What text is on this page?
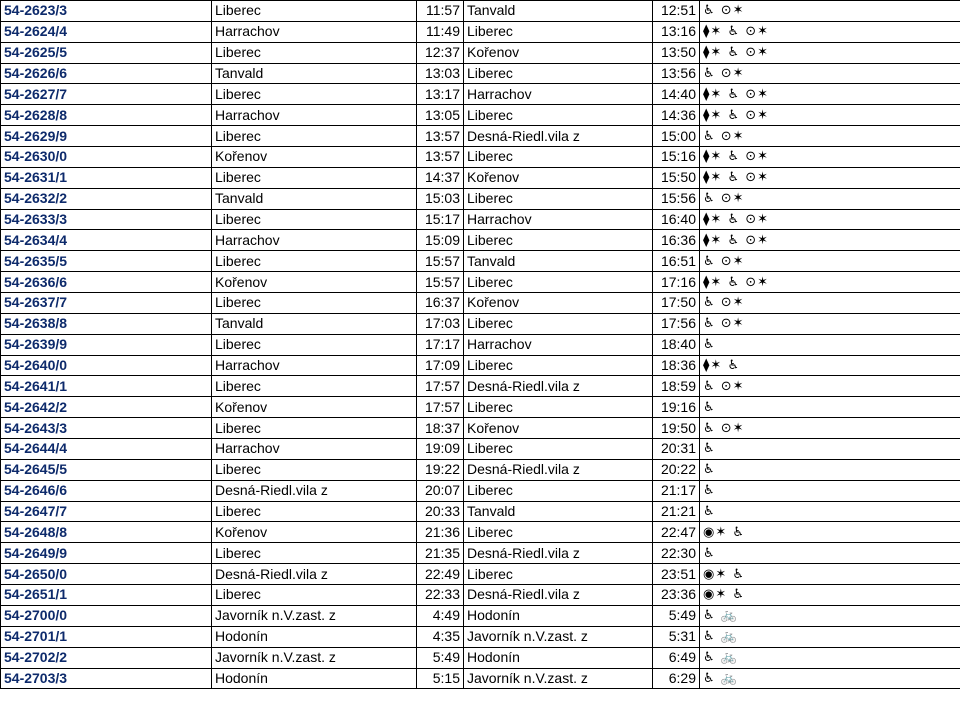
54-2623/3	Liberec	11:57	Tanvald	12:51	♿ ⊙✶
54-2624/4	Harrachov	11:49	Liberec	13:16	⧫✶ ♿ ⊙✶
54-2625/5	Liberec	12:37	Kořenov	13:50	⧫✶ ♿ ⊙✶
54-2626/6	Tanvald	13:03	Liberec	13:56	♿ ⊙✶
54-2627/7	Liberec	13:17	Harrachov	14:40	⧫✶ ♿ ⊙✶
54-2628/8	Harrachov	13:05	Liberec	14:36	⧫✶ ♿ ⊙✶
54-2629/9	Liberec	13:57	Desná-Riedl.vila z	15:00	♿ ⊙✶
54-2630/0	Kořenov	13:57	Liberec	15:16	⧫✶ ♿ ⊙✶
54-2631/1	Liberec	14:37	Kořenov	15:50	⧫✶ ♿ ⊙✶
54-2632/2	Tanvald	15:03	Liberec	15:56	♿ ⊙✶
54-2633/3	Liberec	15:17	Harrachov	16:40	⧫✶ ♿ ⊙✶
54-2634/4	Harrachov	15:09	Liberec	16:36	⧫✶ ♿ ⊙✶
54-2635/5	Liberec	15:57	Tanvald	16:51	♿ ⊙✶
54-2636/6	Kořenov	15:57	Liberec	17:16	⧫✶ ♿ ⊙✶
54-2637/7	Liberec	16:37	Kořenov	17:50	♿ ⊙✶
54-2638/8	Tanvald	17:03	Liberec	17:56	♿ ⊙✶
54-2639/9	Liberec	17:17	Harrachov	18:40	♿
54-2640/0	Harrachov	17:09	Liberec	18:36	⧫✶ ♿
54-2641/1	Liberec	17:57	Desná-Riedl.vila z	18:59	♿ ⊙✶
54-2642/2	Kořenov	17:57	Liberec	19:16	♿
54-2643/3	Liberec	18:37	Kořenov	19:50	♿ ⊙✶
54-2644/4	Harrachov	19:09	Liberec	20:31	♿
54-2645/5	Liberec	19:22	Desná-Riedl.vila z	20:22	♿
54-2646/6	Desná-Riedl.vila z	20:07	Liberec	21:17	♿
54-2647/7	Liberec	20:33	Tanvald	21:21	♿
54-2648/8	Kořenov	21:36	Liberec	22:47	◉✶ ♿
54-2649/9	Liberec	21:35	Desná-Riedl.vila z	22:30	♿
54-2650/0	Desná-Riedl.vila z	22:49	Liberec	23:51	◉✶ ♿
54-2651/1	Liberec	22:33	Desná-Riedl.vila z	23:36	◉✶ ♿
54-2700/0	Javorník n.V.zast. z	4:49	Hodonín	5:49	♿ 🚲
54-2701/1	Hodonín	4:35	Javorník n.V.zast. z	5:31	♿ 🚲
54-2702/2	Javorník n.V.zast. z	5:49	Hodonín	6:49	♿ 🚲
54-2703/3	Hodonín	5:15	Javorník n.V.zast. z	6:29	♿ 🚲
